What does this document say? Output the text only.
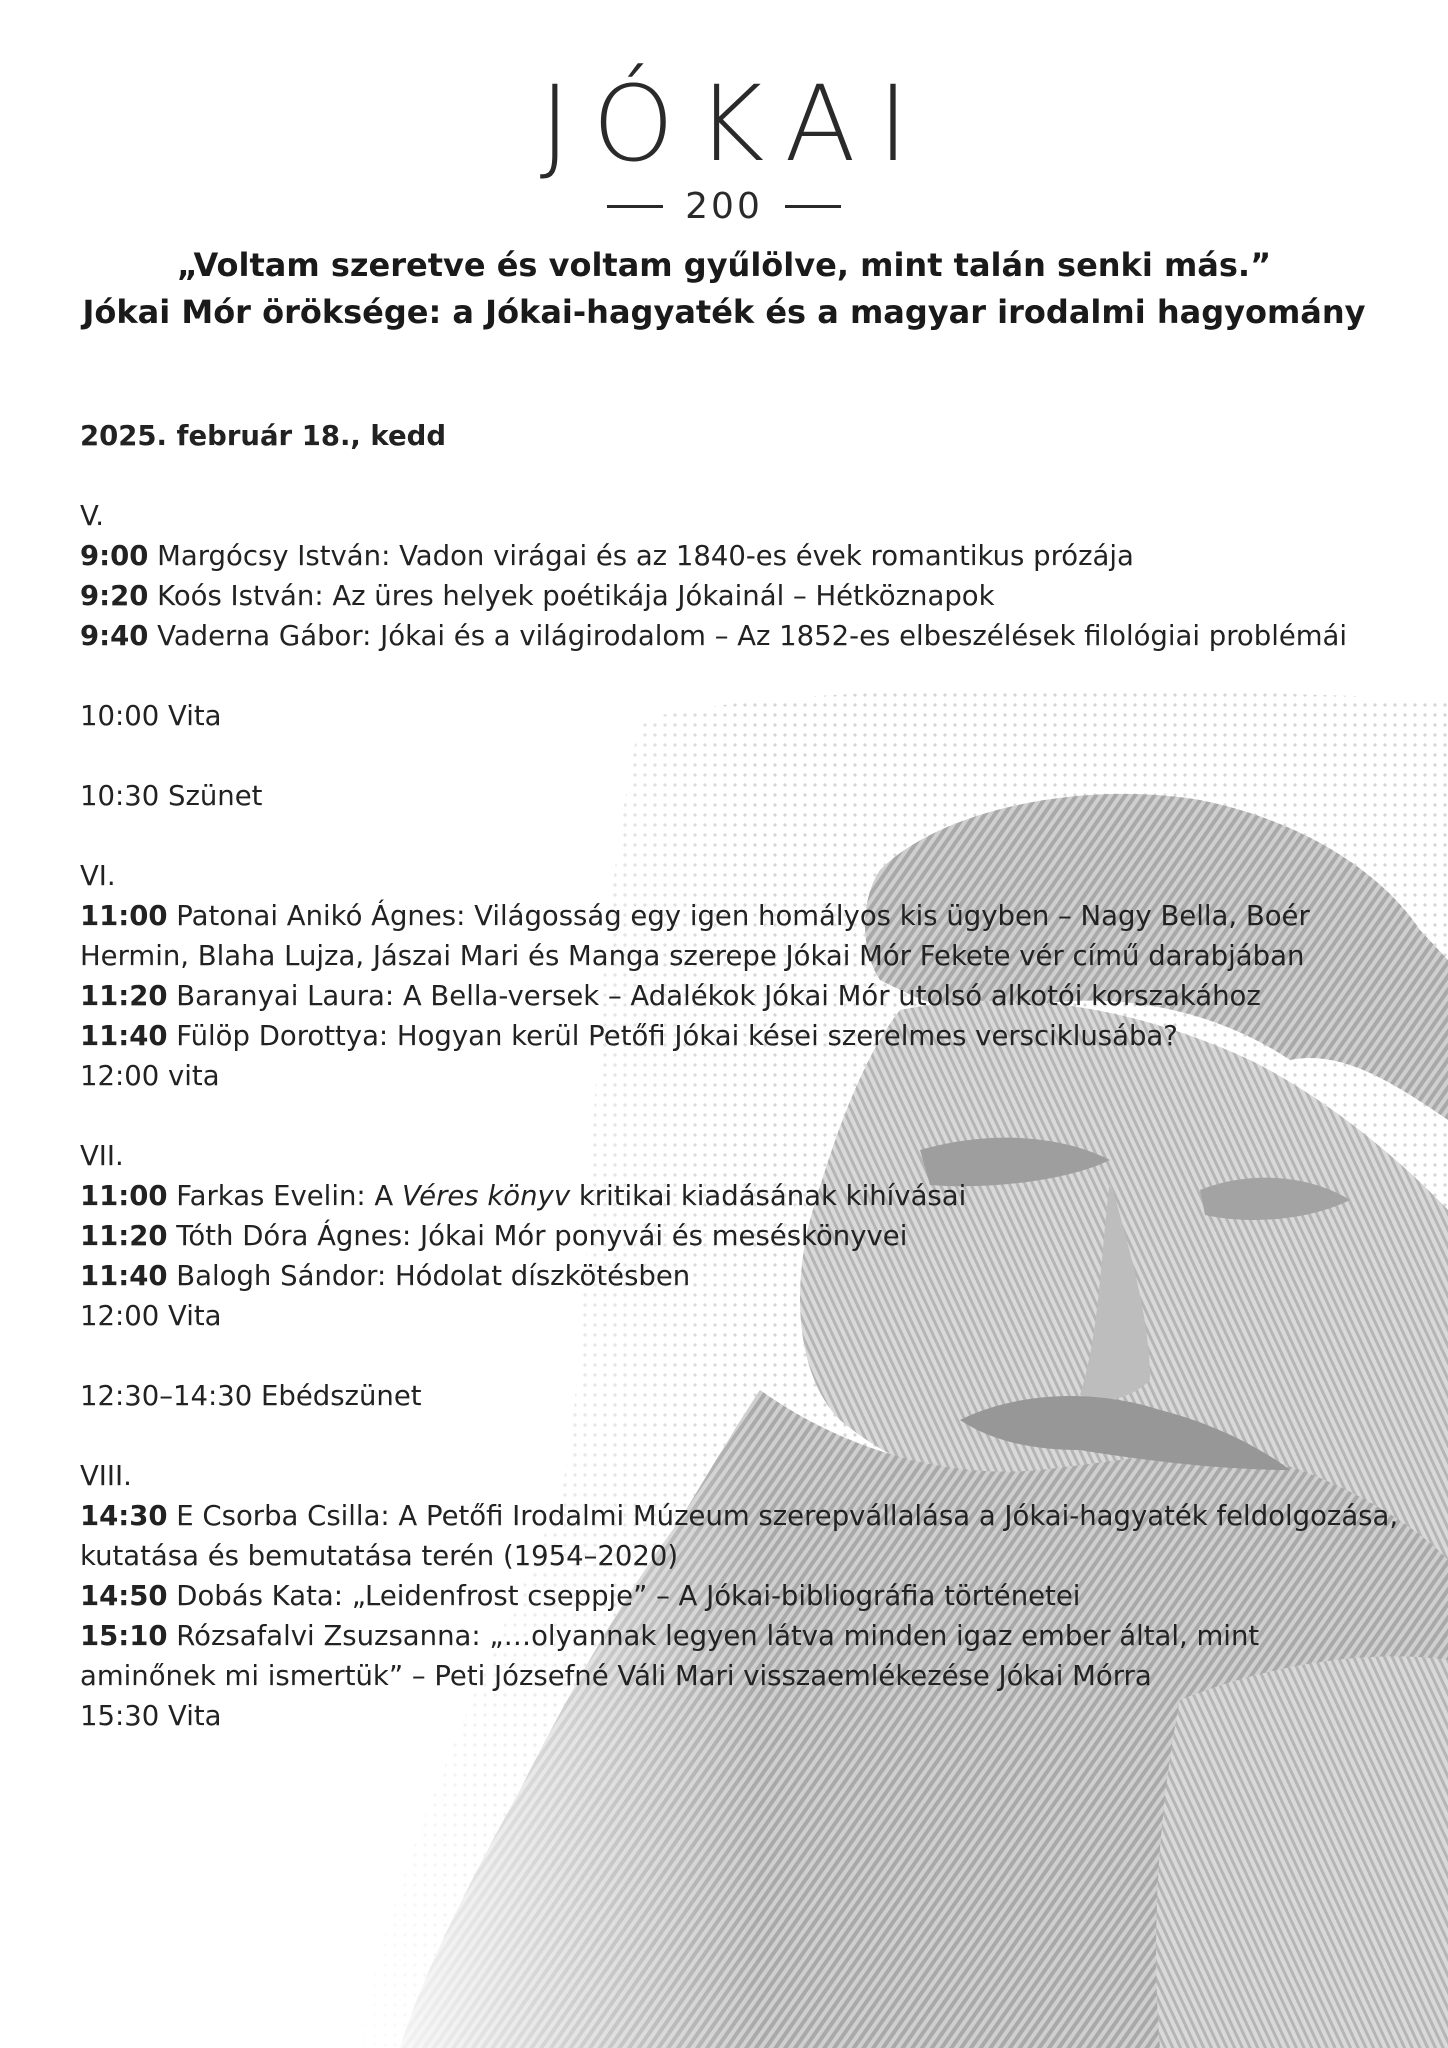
JÓKAI
200
„Voltam szeretve és voltam gyűlölve, mint talán senki más.”
Jókai Mór öröksége: a Jókai-hagyaték és a magyar irodalmi hagyomány
2025. február 18., kedd
V.
9:00 Margócsy István: Vadon virágai és az 1840-es évek romantikus prózája
9:20 Koós István: Az üres helyek poétikája Jókainál – Hétköznapok
9:40 Vaderna Gábor: Jókai és a világirodalom – Az 1852-es elbeszélések filológiai problémái
10:00 Vita
10:30 Szünet
VI.
11:00 Patonai Anikó Ágnes: Világosság egy igen homályos kis ügyben – Nagy Bella, Boér Hermin, Blaha Lujza, Jászai Mari és Manga szerepe Jókai Mór Fekete vér című darabjában
11:20 Baranyai Laura: A Bella-versek – Adalékok Jókai Mór utolsó alkotói korszakához
11:40 Fülöp Dorottya: Hogyan kerül Petőfi Jókai kései szerelmes versciklusába?
12:00 vita
VII.
11:00 Farkas Evelin: A Véres könyv kritikai kiadásának kihívásai
11:20 Tóth Dóra Ágnes: Jókai Mór ponyvái és meséskönyvei
11:40 Balogh Sándor: Hódolat díszkötésben
12:00 Vita
12:30–14:30 Ebédszünet
VIII.
14:30 E Csorba Csilla: A Petőfi Irodalmi Múzeum szerepvállalása a Jókai-hagyaték feldolgozása, kutatása és bemutatása terén (1954–2020)
14:50 Dobás Kata: „Leidenfrost cseppje” – A Jókai-bibliográfia történetei
15:10 Rózsafalvi Zsuzsanna: „…olyannak legyen látva minden igaz ember által, mint aminőnek mi ismertük” – Peti Józsefné Váli Mari visszaemlékezése Jókai Mórra
15:30 Vita
